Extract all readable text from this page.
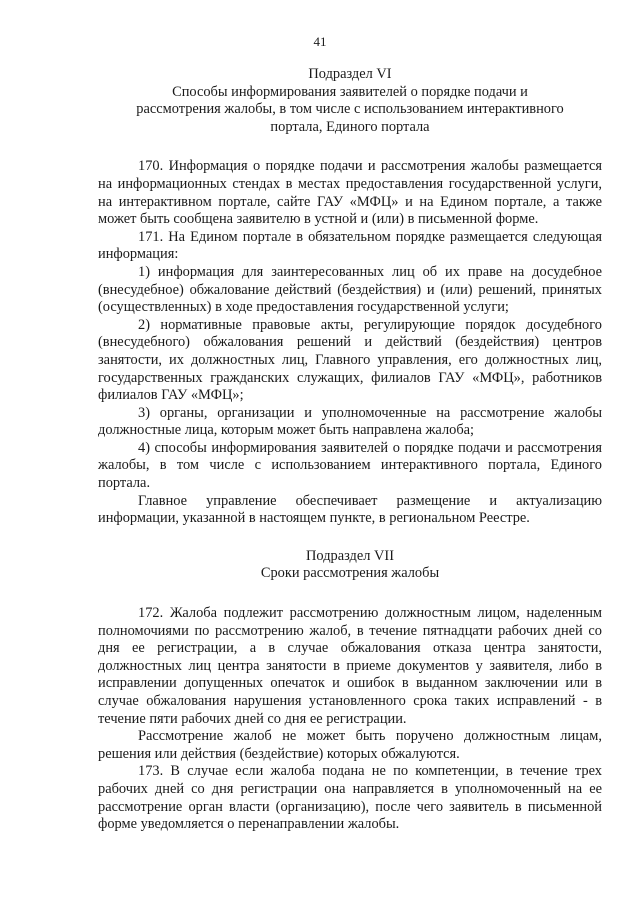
41

Подраздел VI

Способы информирования заявителей о порядке подачи и

рассмотрения жалобы, в том числе с использованием интерактивного

портала, Единого портала

170. Информация о порядке подачи и рассмотрения жалобы размещается на информационных стендах в местах предоставления государственной услуги, на интерактивном портале, сайте ГАУ «МФЦ» и на Едином портале, а также может быть сообщена заявителю в устной и (или) в письменной форме.

171. На Едином портале в обязательном порядке размещается следующая информация:

1) информация для заинтересованных лиц об их праве на досудебное (внесудебное) обжалование действий (бездействия) и (или) решений, принятых (осуществленных) в ходе предоставления государственной услуги;

2) нормативные правовые акты, регулирующие порядок досудебного (внесудебного) обжалования решений и действий (бездействия) центров занятости, их должностных лиц, Главного управления, его должностных лиц, государственных гражданских служащих, филиалов ГАУ «МФЦ», работников филиалов ГАУ «МФЦ»;

3) органы, организации и уполномоченные на рассмотрение жалобы должностные лица, которым может быть направлена жалоба;

4) способы информирования заявителей о порядке подачи и рассмотрения жалобы, в том числе с использованием интерактивного портала, Единого портала.

Главное управление обеспечивает размещение и актуализацию информации, указанной в настоящем пункте, в региональном Реестре.

Подраздел VII

Сроки рассмотрения жалобы

172. Жалоба подлежит рассмотрению должностным лицом, наделенным полномочиями по рассмотрению жалоб, в течение пятнадцати рабочих дней со дня ее регистрации, а в случае обжалования отказа центра занятости, должностных лиц центра занятости в приеме документов у заявителя, либо в исправлении допущенных опечаток и ошибок в выданном заключении или в случае обжалования нарушения установленного срока таких исправлений - в течение пяти рабочих дней со дня ее регистрации.

Рассмотрение жалоб не может быть поручено должностным лицам, решения или действия (бездействие) которых обжалуются.

173. В случае если жалоба подана не по компетенции, в течение трех рабочих дней со дня регистрации она направляется в уполномоченный на ее рассмотрение орган власти (организацию), после чего заявитель в письменной форме уведомляется о перенаправлении жалобы.
